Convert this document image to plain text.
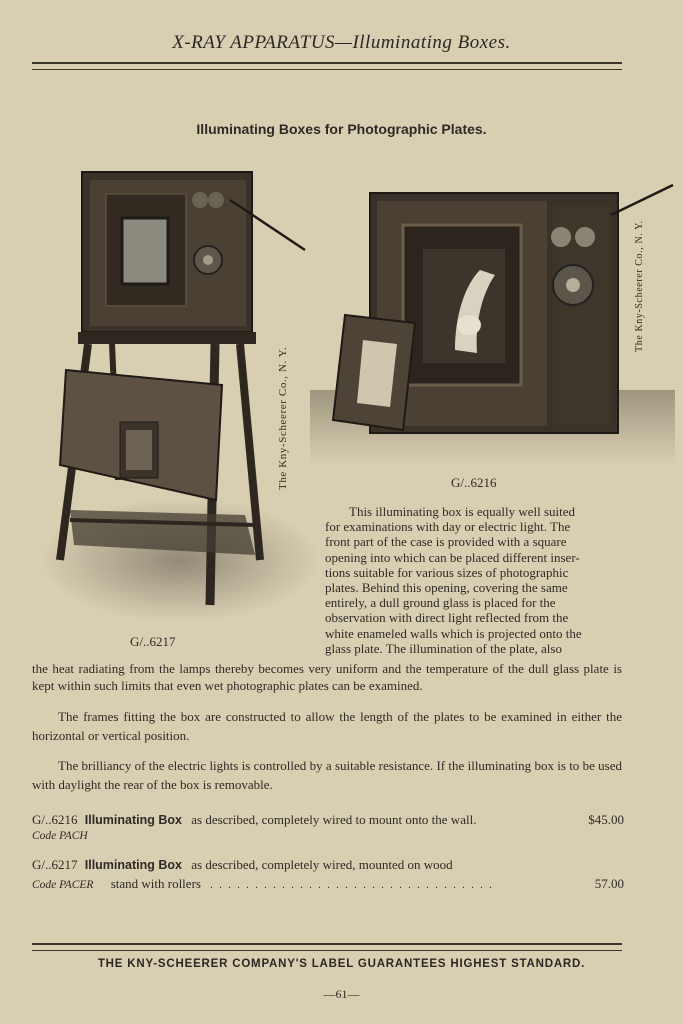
X-RAY APPARATUS—Illuminating Boxes.
Illuminating Boxes for Photographic Plates.
The Kny-Scheerer Co., N. Y.
The Kny-Scheerer Co., N. Y.
G/..6217
G/..6216
This illuminating box is equally well suited
for examinations with day or electric light. The
front part of the case is provided with a square
opening into which can be placed different inser-
tions suitable for various sizes of photographic
plates. Behind this opening, covering the same
entirely, a dull ground glass is placed for the
observation with direct light reflected from the
white enameled walls which is projected onto the
glass plate. The illumination of the plate, also
the heat radiating from the lamps thereby becomes very uniform and the temperature of the dull glass plate is kept within such limits that even wet photographic plates can be examined.
The frames fitting the box are constructed to allow the length of the plates to be examined in either the horizontal or vertical position.
The brilliancy of the electric lights is controlled by a suitable resistance. If the illuminating box is to be used with daylight the rear of the box is removable.
G/..6216 Illuminating Box as described, completely wired to mount onto the wall.	$45.00
Code PACH
G/..6217 Illuminating Box as described, completely wired, mounted on wood
Code PACER stand with rollers . . . . . . . . . . . . . . . . . . . . . . . . . . . . . . . .	57.00
THE KNY-SCHEERER COMPANY'S LABEL GUARANTEES HIGHEST STANDARD.
—61—
